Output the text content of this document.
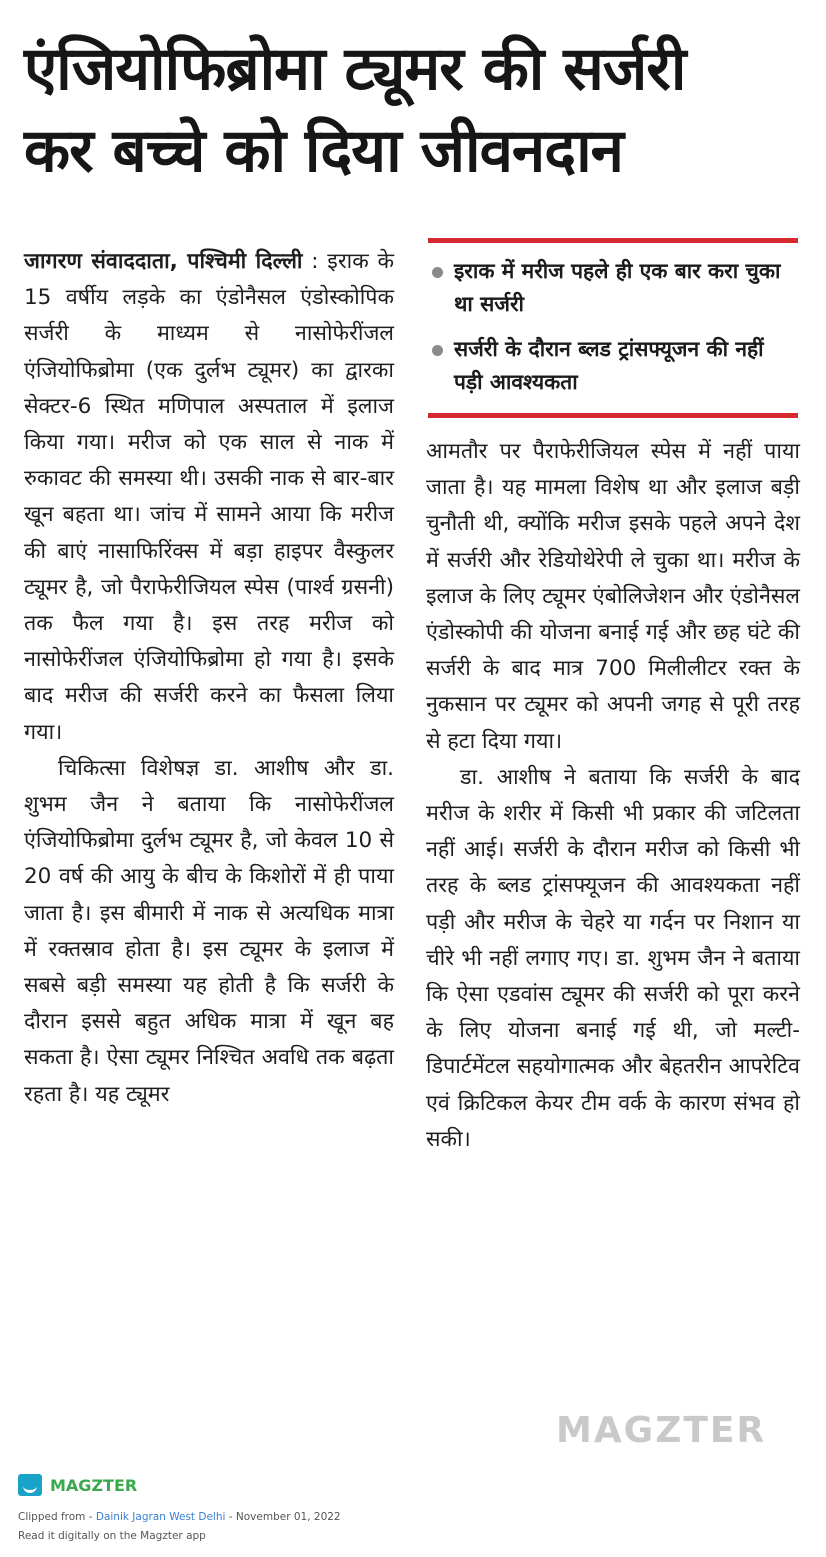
एंजियोफिब्रोमा ट्यूमर की सर्जरी
कर बच्चे को दिया जीवनदान

जागरण संवाददाता, पश्चिमी दिल्ली : इराक के 15 वर्षीय लड़के का एंडोनैसल एंडोस्कोपिक सर्जरी के माध्यम से नासोफेरींजल एंजियोफिब्रोमा (एक दुर्लभ ट्यूमर) का द्वारका सेक्टर-6 स्थित मणिपाल अस्पताल में इलाज किया गया। मरीज को एक साल से नाक में रुकावट की समस्या थी। उसकी नाक से बार-बार खून बहता था। जांच में सामने आया कि मरीज की बाएं नासाफिरिंक्स में बड़ा हाइपर वैस्कुलर ट्यूमर है, जो पैराफेरीजियल स्पेस (पार्श्व ग्रसनी) तक फैल गया है। इस तरह मरीज को नासोफेरींजल एंजियोफिब्रोमा हो गया है। इसके बाद मरीज की सर्जरी करने का फैसला लिया गया।

चिकित्सा विशेषज्ञ डा. आशीष और डा. शुभम जैन ने बताया कि नासोफेरींजल एंजियोफिब्रोमा दुर्लभ ट्यूमर है, जो केवल 10 से 20 वर्ष की आयु के बीच के किशोरों में ही पाया जाता है। इस बीमारी में नाक से अत्यधिक मात्रा में रक्तस्राव होता है। इस ट्यूमर के इलाज में सबसे बड़ी समस्या यह होती है कि सर्जरी के दौरान इससे बहुत अधिक मात्रा में खून बह सकता है। ऐसा ट्यूमर निश्चित अवधि तक बढ़ता रहता है। यह ट्यूमर

इराक में मरीज पहले ही एक बार करा चुका था सर्जरी
सर्जरी के दौरान ब्लड ट्रांसफ्यूजन की नहीं पड़ी आवश्यकता

आमतौर पर पैराफेरीजियल स्पेस में नहीं पाया जाता है। यह मामला विशेष था और इलाज बड़ी चुनौती थी, क्योंकि मरीज इसके पहले अपने देश में सर्जरी और रेडियोथेरेपी ले चुका था। मरीज के इलाज के लिए ट्यूमर एंबोलिजेशन और एंडोनैसल एंडोस्कोपी की योजना बनाई गई और छह घंटे की सर्जरी के बाद मात्र 700 मिलीलीटर रक्त के नुकसान पर ट्यूमर को अपनी जगह से पूरी तरह से हटा दिया गया।

डा. आशीष ने बताया कि सर्जरी के बाद मरीज के शरीर में किसी भी प्रकार की जटिलता नहीं आई। सर्जरी के दौरान मरीज को किसी भी तरह के ब्लड ट्रांसफ्यूजन की आवश्यकता नहीं पड़ी और मरीज के चेहरे या गर्दन पर निशान या चीरे भी नहीं लगाए गए। डा. शुभम जैन ने बताया कि ऐसा एडवांस ट्यूमर की सर्जरी को पूरा करने के लिए योजना बनाई गई थी, जो मल्टी-डिपार्टमेंटल सहयोगात्मक और बेहतरीन आपरेटिव एवं क्रिटिकल केयर टीम वर्क के कारण संभव हो सकी।

MAGZTER
MAGZTER
Clipped from - Dainik Jagran West Delhi - November 01, 2022
Read it digitally on the Magzter app
